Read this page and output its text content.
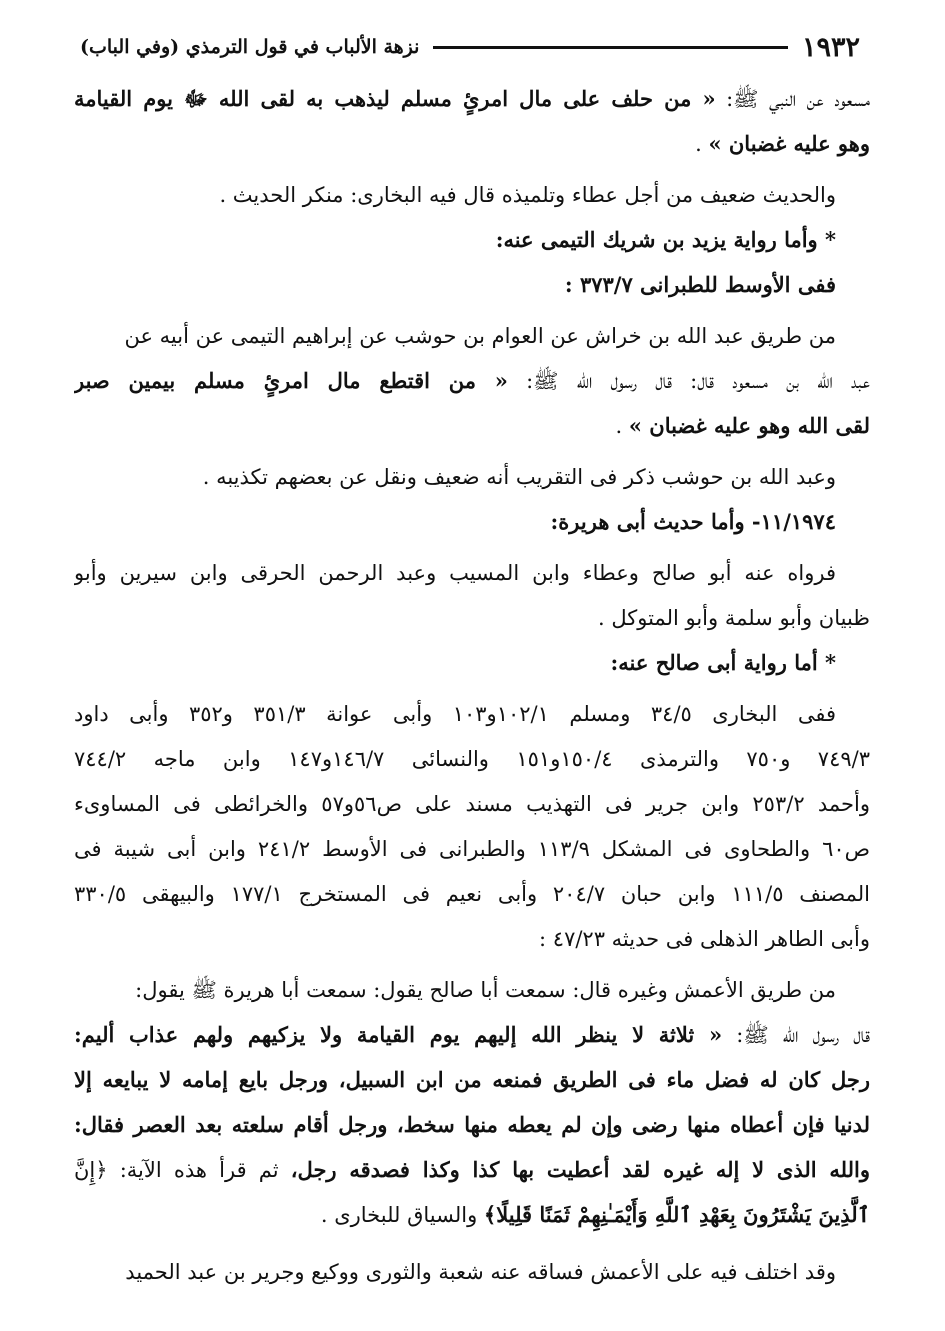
١٩٣٢
نزهة الألباب في قول الترمذي (وفي الباب)
مسعود عن النبي ﷺ: « من حلف على مال امرئٍ مسلم ليذهب به لقى الله ﷻ يوم القيامة
وهو عليه غضبان » .
والحديث ضعيف من أجل عطاء وتلميذه قال فيه البخارى: منكر الحديث .
* وأما رواية يزيد بن شريك التيمى عنه:
ففى الأوسط للطبرانى ٣٧٣/٧ :
من طريق عبد الله بن خراش عن العوام بن حوشب عن إبراهيم التيمى عن أبيه عن
عبد الله بن مسعود قال: قال رسول الله ﷺ: « من اقتطع مال امرئٍ مسلم بيمين صبر
لقى الله وهو عليه غضبان » .
وعبد الله بن حوشب ذكر فى التقريب أنه ضعيف ونقل عن بعضهم تكذيبه .
١١/١٩٧٤- وأما حديث أبى هريرة:
فرواه عنه أبو صالح وعطاء وابن المسيب وعبد الرحمن الحرقى وابن سيرين وأبو
ظبيان وأبو سلمة وأبو المتوكل .
* أما رواية أبى صالح عنه:
ففى البخارى ٣٤/٥ ومسلم ١٠٢/١و١٠٣ وأبى عوانة ٣٥١/٣ و٣٥٢ وأبى داود
٧٤٩/٣ و٧٥٠ والترمذى ١٥٠/٤و١٥١ والنسائى ١٤٦/٧و١٤٧ وابن ماجه ٧٤٤/٢
وأحمد ٢٥٣/٢ وابن جرير فى التهذيب مسند على ص٥٦و٥٧ والخرائطى فى المساوىء
ص٦٠ والطحاوى فى المشكل ١١٣/٩ والطبرانى فى الأوسط ٢٤١/٢ وابن أبى شيبة فى
المصنف ١١١/٥ وابن حبان ٢٠٤/٧ وأبى نعيم فى المستخرج ١٧٧/١ والبيهقى ٣٣٠/٥
وأبى الطاهر الذهلى فى حديثه ٤٧/٢٣ :
من طريق الأعمش وغيره قال: سمعت أبا صالح يقول: سمعت أبا هريرة ﷺ يقول:
قال رسول الله ﷺ: « ثلاثة لا ينظر الله إليهم يوم القيامة ولا يزكيهم ولهم عذاب أليم:
رجل كان له فضل ماء فى الطريق فمنعه من ابن السبيل، ورجل بايع إمامه لا يبايعه إلا
لدنيا فإن أعطاه منها رضى وإن لم يعطه منها سخط، ورجل أقام سلعته بعد العصر فقال:
والله الذى لا إله غيره لقد أعطيت بها كذا وكذا فصدقه رجل، ثم قرأ هذه الآية: ﴿إِنَّ
ٱلَّذِينَ يَشْتَرُونَ بِعَهْدِ ٱللَّهِ وَأَيْمَـٰنِهِمْ ثَمَنًا قَلِيلًا﴾ والسياق للبخارى .
وقد اختلف فيه على الأعمش فساقه عنه شعبة والثورى ووكيع وجرير بن عبد الحميد
